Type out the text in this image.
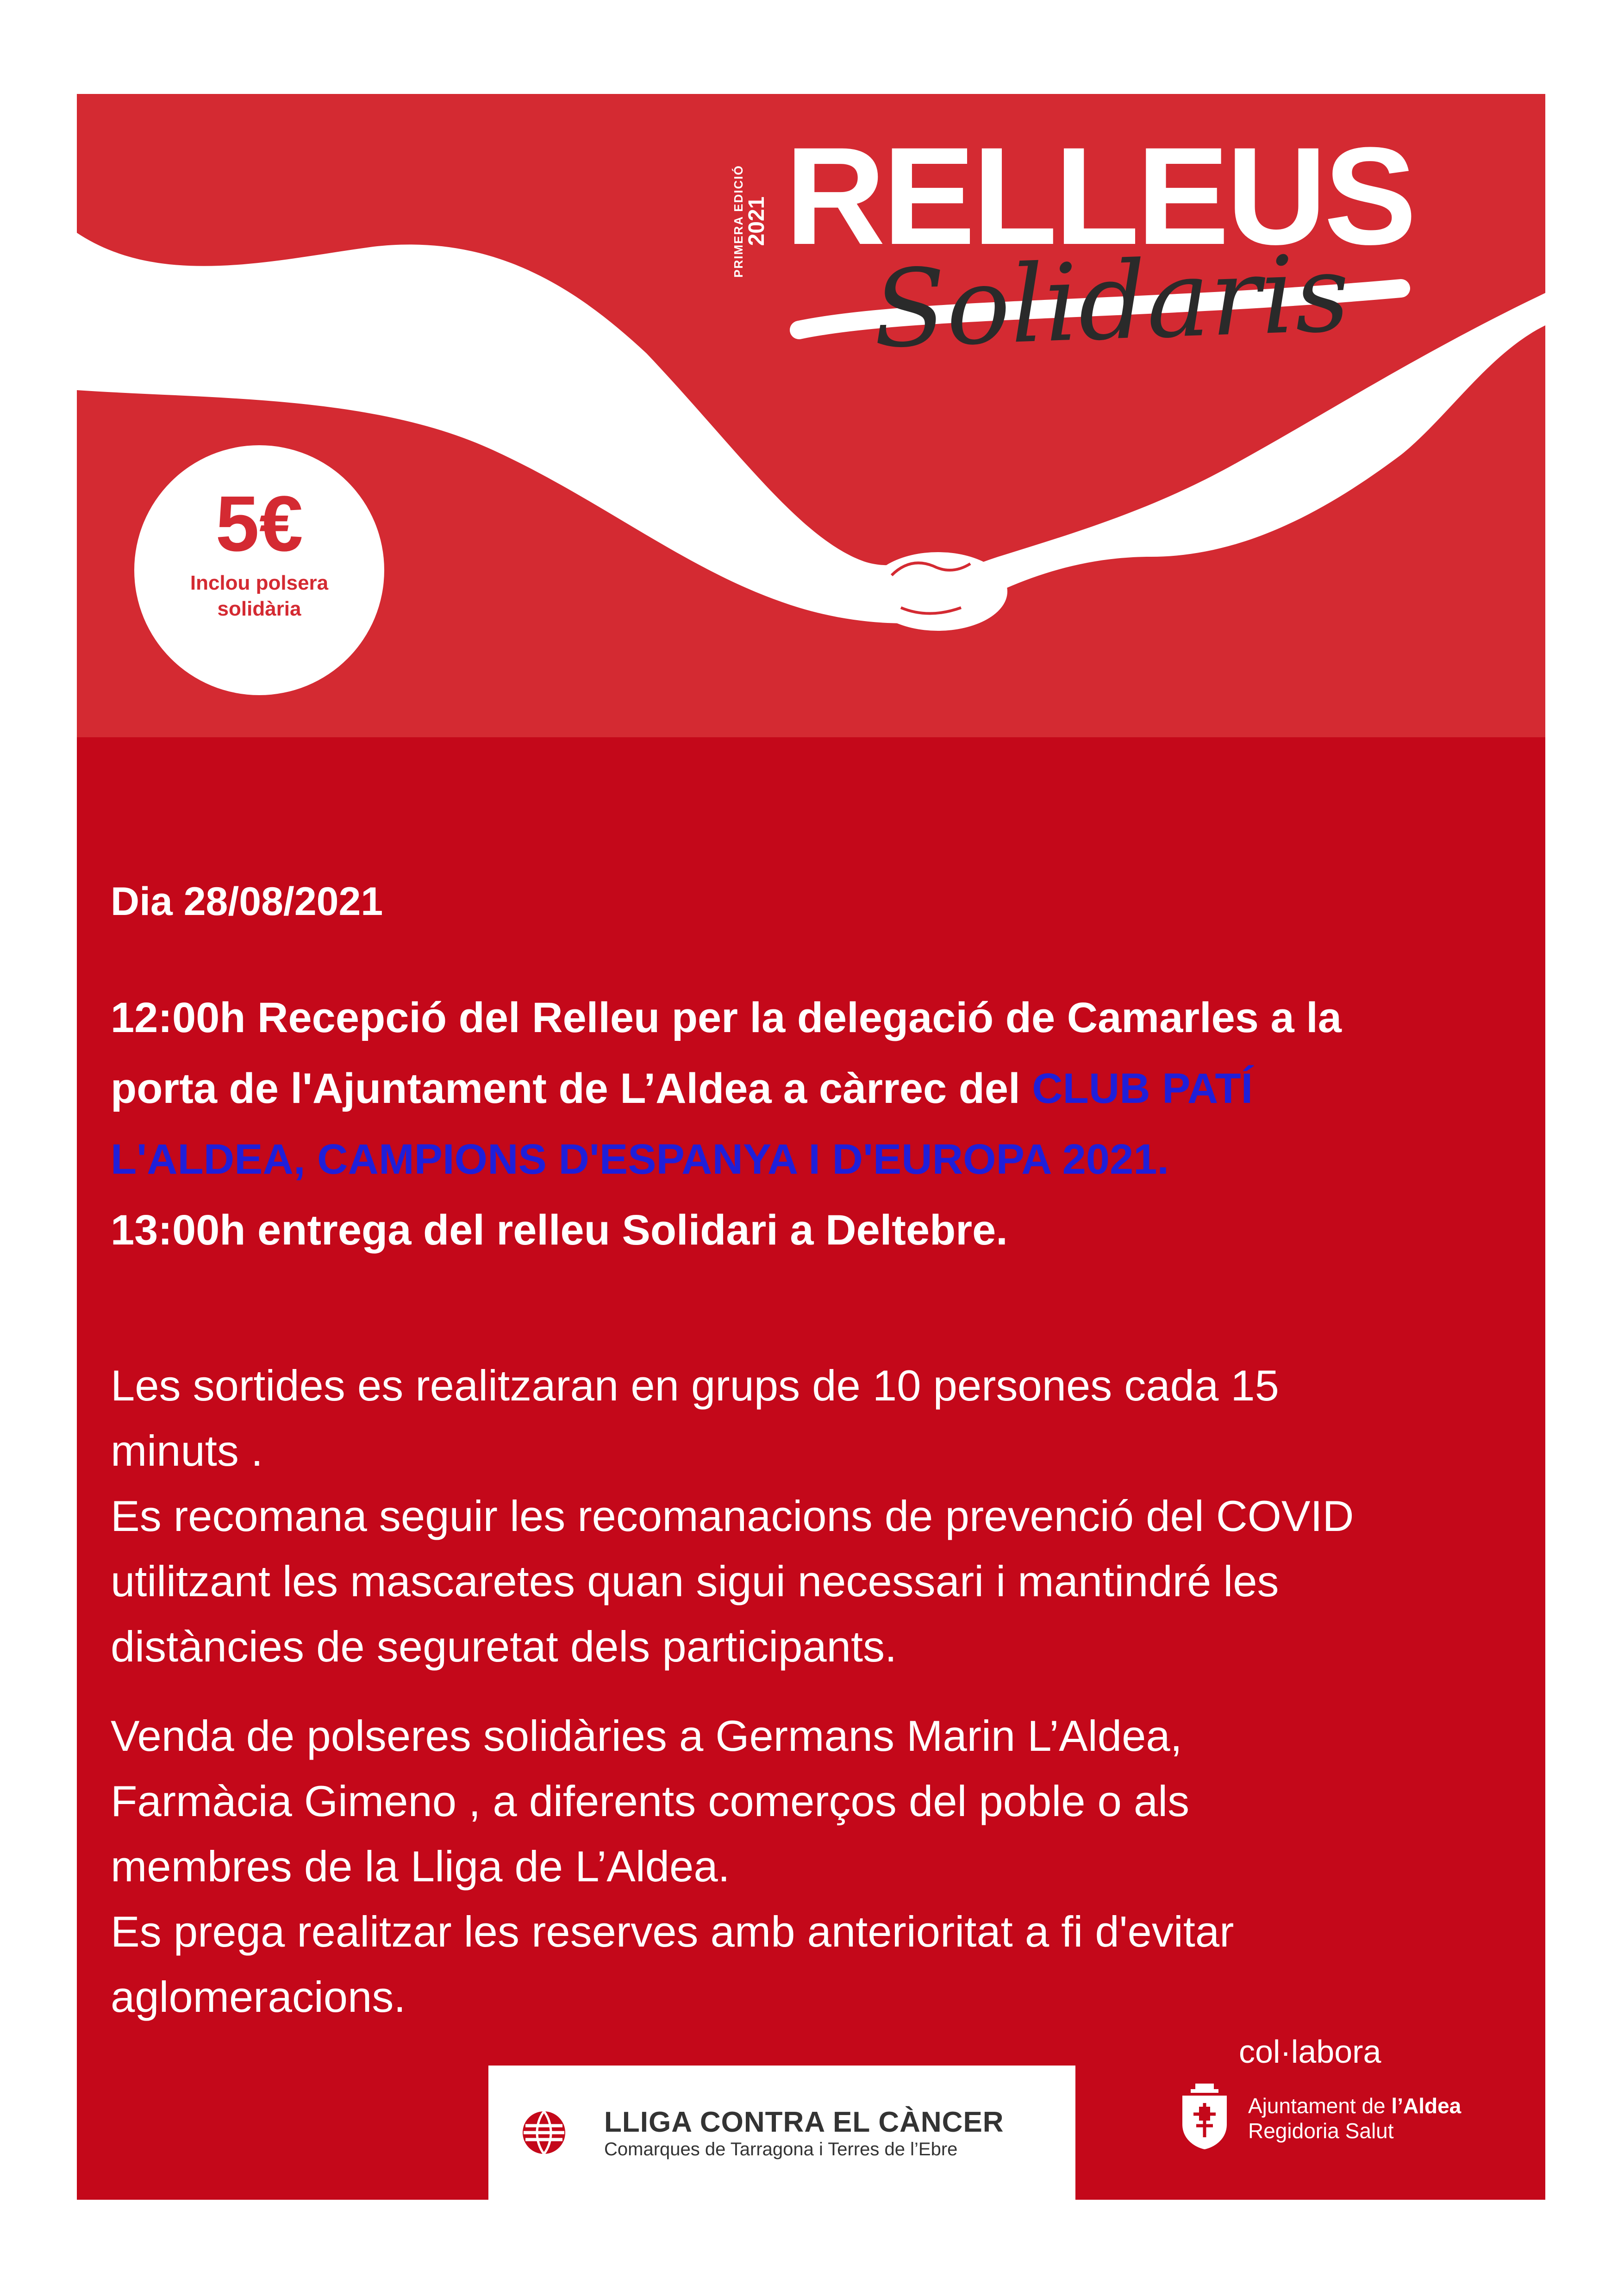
PRIMERA EDICIÓ
2021 RELLEUS
Solidaris
5€
Inclou polsera
solidària
Dia 28/08/2021
12:00h Recepció del Relleu per la delegació de Camarles a la
porta de l'Ajuntament de L’Aldea a càrrec del CLUB PATÍ
L'ALDEA, CAMPIONS D'ESPANYA I D'EUROPA 2021.
13:00h entrega del relleu Solidari a Deltebre.
Les sortides es realitzaran en grups de 10 persones cada 15
minuts .
Es recomana seguir les recomanacions de prevenció del COVID
utilitzant les mascaretes quan sigui necessari i mantindré les
distàncies de seguretat dels participants.
Venda de polseres solidàries a Germans Marin L’Aldea,
Farmàcia Gimeno , a diferents comerços del poble o als
membres de la Lliga de L’Aldea.
Es prega realitzar les reserves amb anterioritat a fi d'evitar
aglomeracions.
LLIGA CONTRA EL CÀNCER
Comarques de Tarragona i Terres de l’Ebre
col·labora
Ajuntament de l’Aldea
Regidoria Salut
